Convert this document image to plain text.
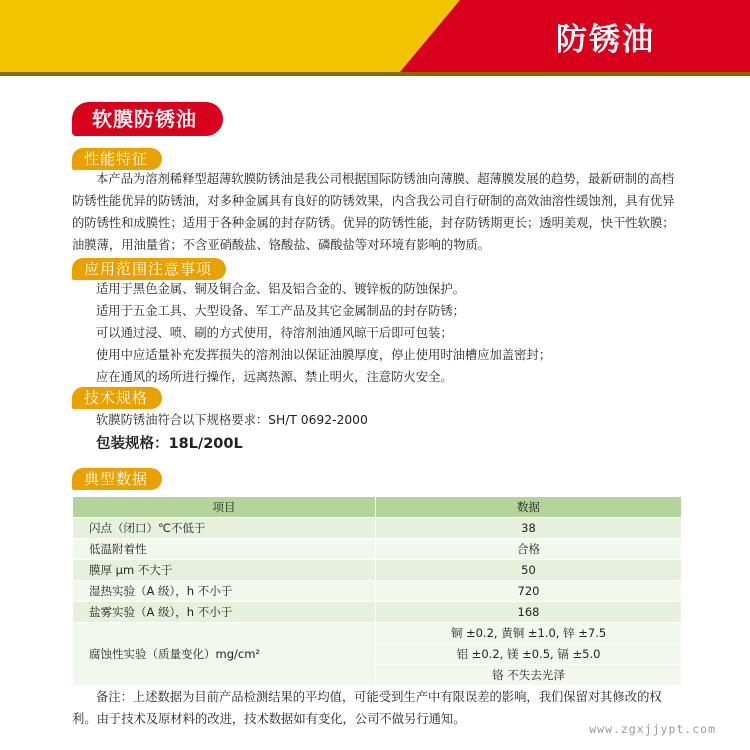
防锈油
软膜防锈油
性能特征
本产品为溶剂稀释型超薄软膜防锈油是我公司根据国际防锈油向薄膜、超薄膜发展的趋势，最新研制的高档防锈性能优异的防锈油，对多种金属具有良好的防锈效果，内含我公司自行研制的高效油溶性缓蚀剂，具有优异的防锈性和成膜性；适用于各种金属的封存防锈。优异的防锈性能，封存防锈期更长；透明美观，快干性软膜；油膜薄，用油量省；不含亚硝酸盐、铬酸盐、磷酸盐等对环境有影响的物质。
应用范围注意事项
适用于黑色金属、铜及铜合金、铝及铝合金的、镀锌板的防蚀保护。
适用于五金工具、大型设备、军工产品及其它金属制品的封存防锈；
可以通过浸、喷、刷的方式使用，待溶剂油通风晾干后即可包装；
使用中应适量补充发挥损失的溶剂油以保证油膜厚度，停止使用时油槽应加盖密封；
应在通风的场所进行操作，远离热源、禁止明火，注意防火安全。
技术规格
软膜防锈油符合以下规格要求：SH/T 0692-2000
包装规格：18L/200L
典型数据
项目	数据
闪点（闭口）℃不低于	38
低温附着性	合格
膜厚 μm 不大于	50
湿热实验（A 级），h 不小于	720
盐雾实验（A 级），h 不小于	168
腐蚀性实验（质量变化）mg/cm²	铜 ±0.2, 黄铜 ±1.0, 锌 ±7.5
	铝 ±0.2, 镁 ±0.5, 镉 ±5.0
	铬 不失去光泽
备注：上述数据为目前产品检测结果的平均值，可能受到生产中有限误差的影响，我们保留对其修改的权利。由于技术及原材料的改进，技术数据如有变化，公司不做另行通知。
www.zgxjjypt.com
